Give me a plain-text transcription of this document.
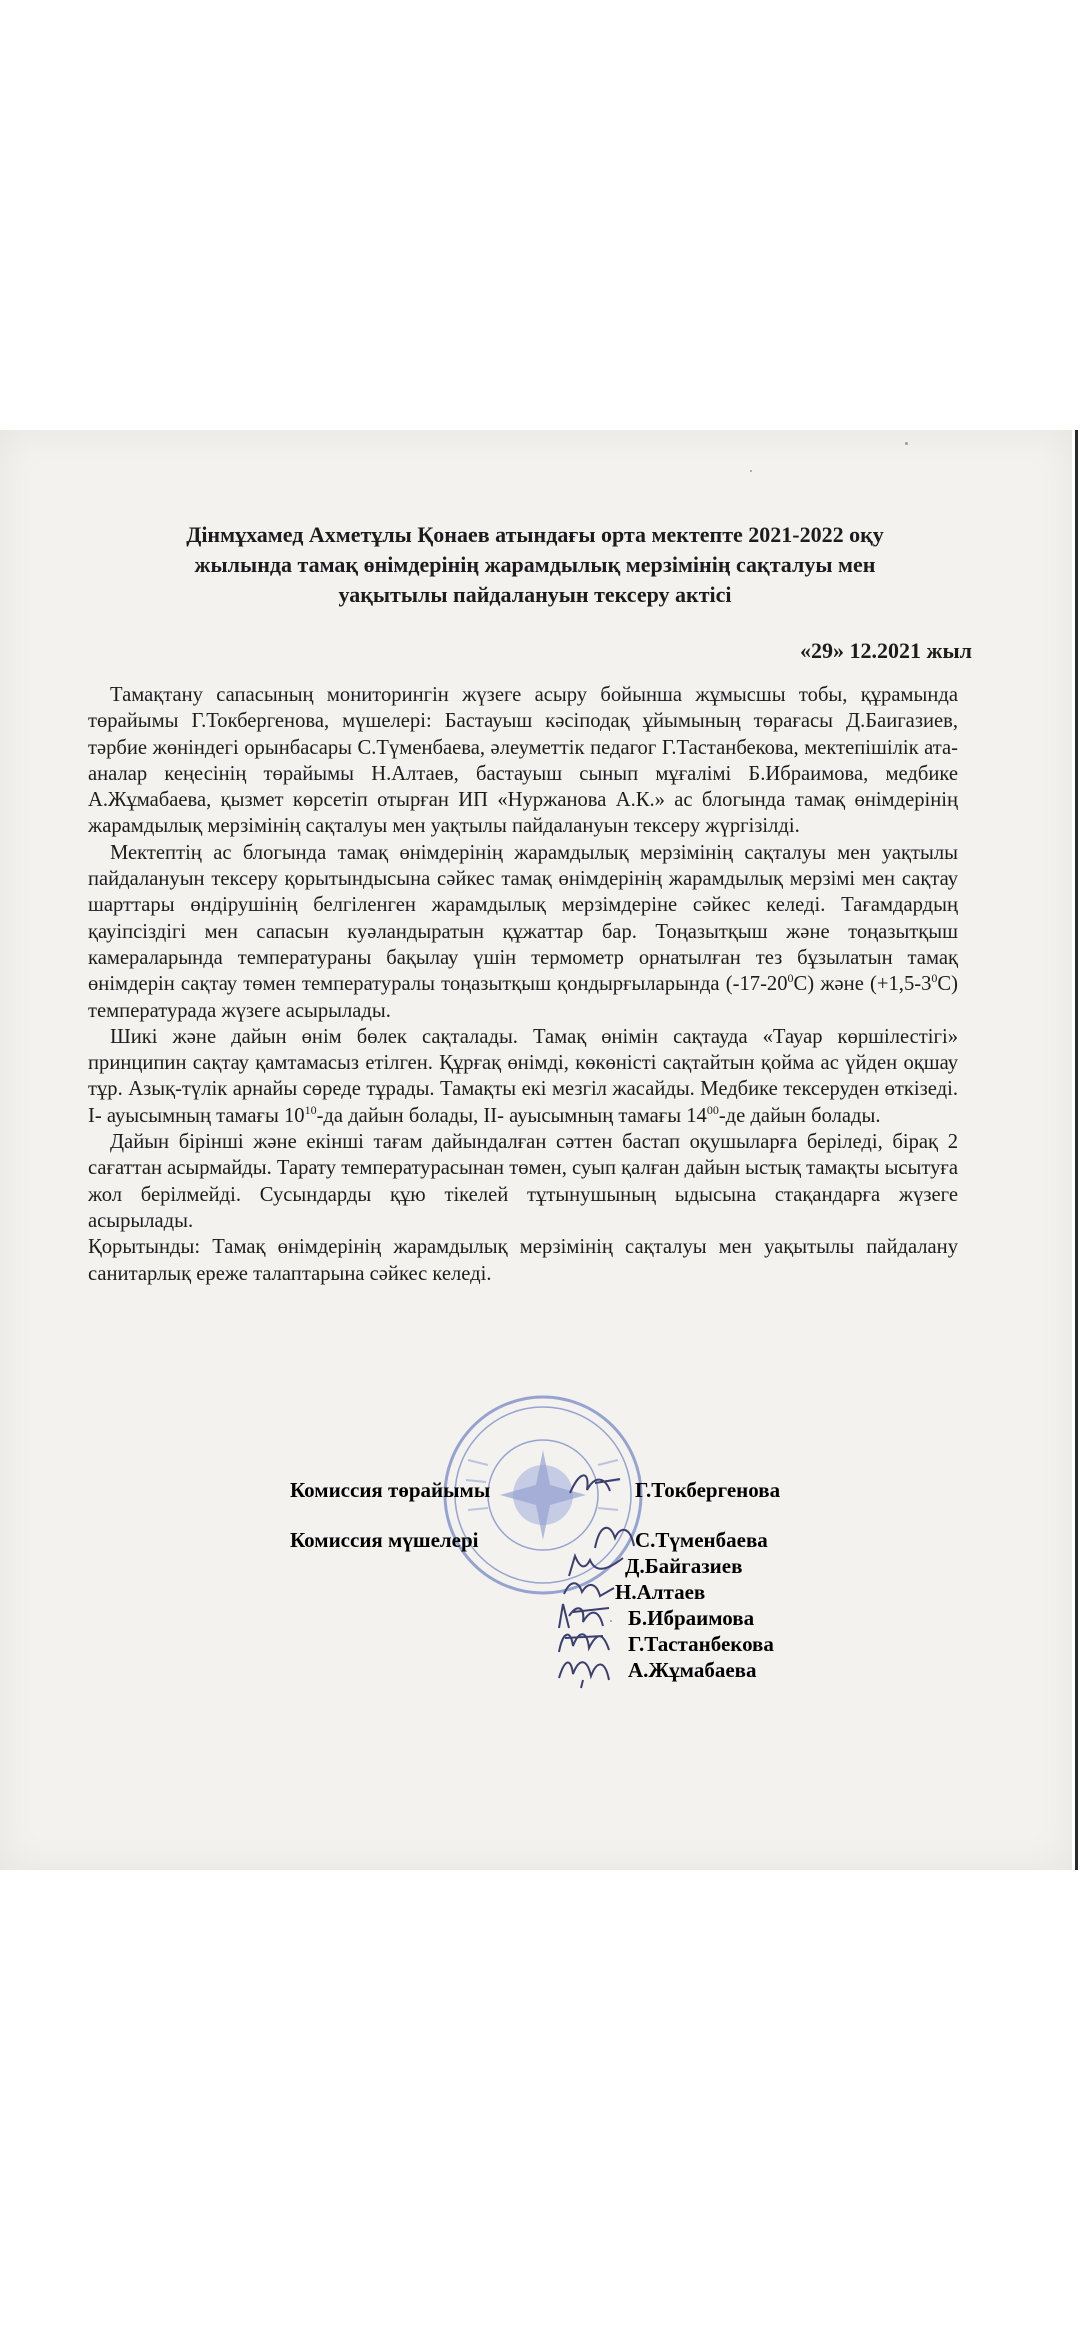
Дінмұхамед Ахметұлы Қонаев атындағы орта мектепте 2021-2022 оқу
жылында тамақ өнімдерінің жарамдылық мерзімінің сақталуы мен
уақытылы пайдалануын тексеру актісі
«29» 12.2021 жыл

Тамақтану сапасының мониторингін жүзеге асыру бойынша жұмысшы тобы, құрамында төрайымы Г.Токбергенова, мүшелері: Бастауыш кәсіподақ ұйымының төрағасы Д.Баигазиев, тәрбие жөніндегі орынбасары С.Түменбаева, әлеуметтік педагог Г.Тастанбекова, мектепішілік ата-аналар кеңесінің төрайымы Н.Алтаев, бастауыш сынып мұғалімі Б.Ибраимова, медбике А.Жұмабаева, қызмет көрсетіп отырған ИП «Нуржанова А.К.» ас блогында тамақ өнімдерінің жарамдылық мерзімінің сақталуы мен уақтылы пайдалануын тексеру жүргізілді.

Мектептің ас блогында тамақ өнімдерінің жарамдылық мерзімінің сақталуы мен уақтылы пайдалануын тексеру қорытындысына сәйкес тамақ өнімдерінің жарамдылық мерзімі мен сақтау шарттары өндірушінің белгіленген жарамдылық мерзімдеріне сәйкес келеді. Тағамдардың қауіпсіздігі мен сапасын куәландыратын құжаттар бар. Тоңазытқыш және тоңазытқыш камераларында температураны бақылау үшін термометр орнатылған тез бұзылатын тамақ өнімдерін сақтау төмен температуралы тоңазытқыш қондырғыларында $(-17-20^0C)$ және $(+1,5-3^0C)$ температурада жүзеге асырылады.

Шикі және дайын өнім бөлек сақталады. Тамақ өнімін сақтауда «Тауар көршілестігі» принципин сақтау қамтамасыз етілген. Құрғақ өнімді, көкөністі сақтайтын қойма ас үйден оқшау тұр. Азық-түлік арнайы сөреде тұрады. Тамақты екі мезгіл жасайды. Медбике тексеруден өткізеді. I- ауысымның тамағы $10^{10}-да$ дайын болады, II- ауысымның тамағы $14^{00}-де$ дайын болады.

Дайын бірінші және екінші тағам дайындалған сәттен бастап оқушыларға беріледі, бірақ 2 сағаттан асырмайды. Тарату температурасынан төмен, суып қалған дайын ыстық тамақты ысытуға жол берілмейді. Сусындарды құю тікелей тұтынушының ыдысына стақандарға жүзеге асырылады.

Қорытынды: Тамақ өнімдерінің жарамдылық мерзімінің сақталуы мен уақытылы пайдалану санитарлық ереже талаптарына сәйкес келеді.

Комиссия төрайымы	Г.Токбергенова
Комиссия мүшелері	С.Түменбаева
Д.Байгазиев
Н.Алтаев
Б.Ибраимова
Г.Тастанбекова
А.Жұмабаева
